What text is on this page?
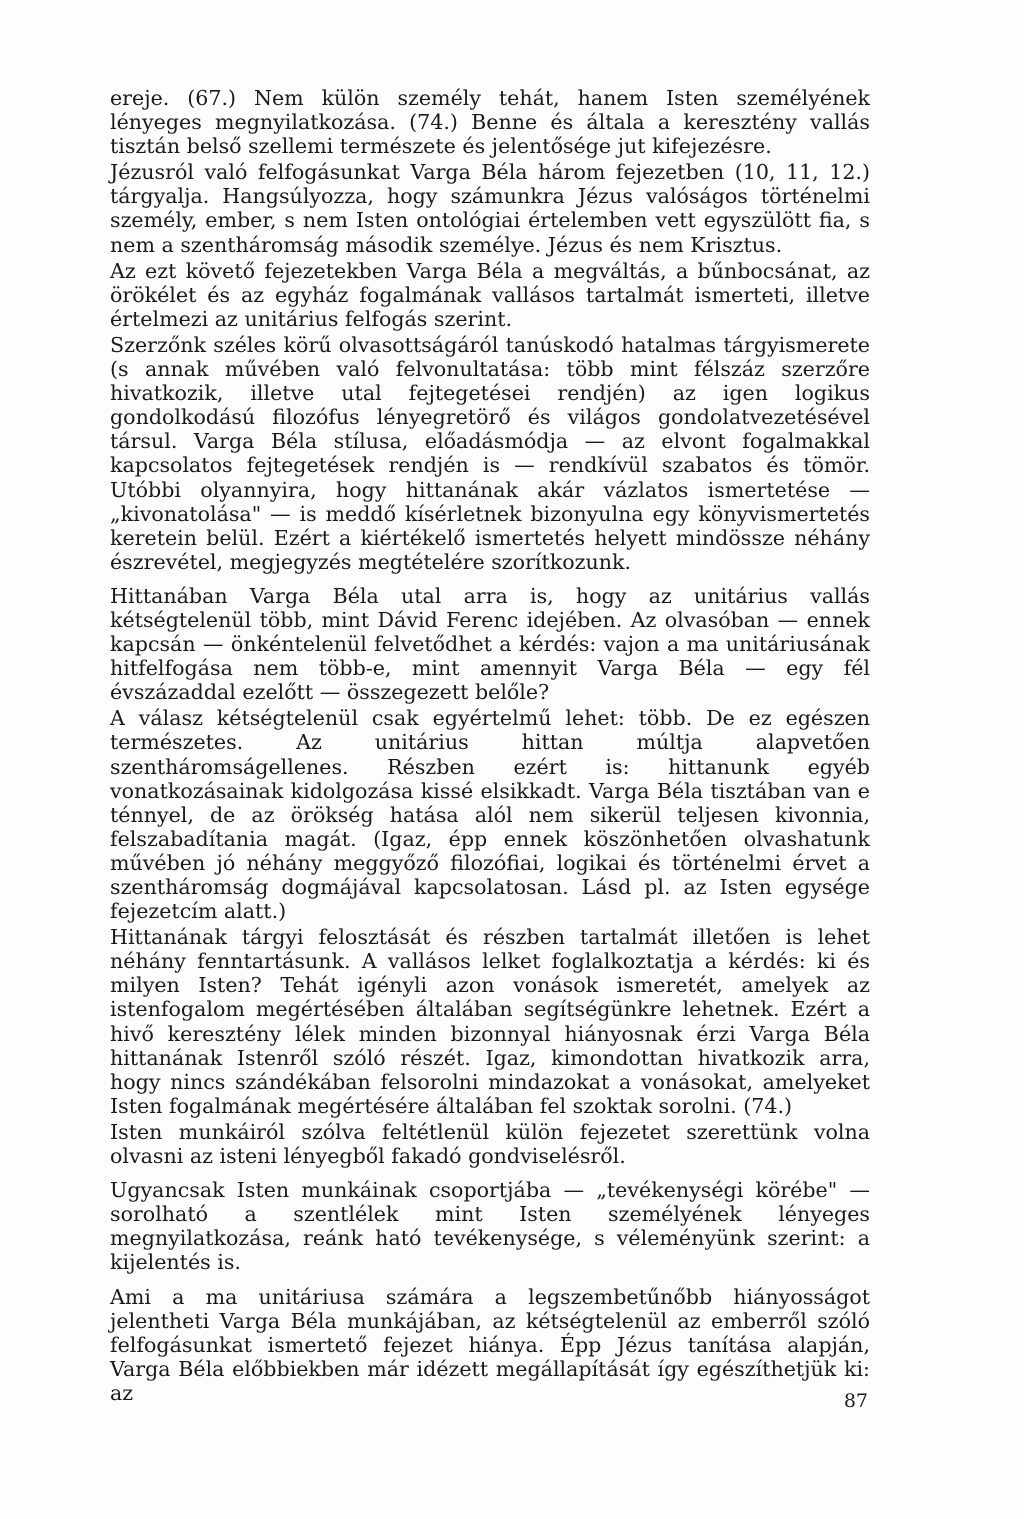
ereje. (67.) Nem külön személy tehát, hanem Isten személyének lényeges megnyilatkozása. (74.) Benne és általa a keresztény vallás tisztán belső szellemi természete és jelentősége jut kifejezésre.

Jézusról való felfogásunkat Varga Béla három fejezetben (10, 11, 12.) tárgyalja. Hangsúlyozza, hogy számunkra Jézus valóságos történelmi személy, ember, s nem Isten ontológiai értelemben vett egyszülött fia, s nem a szentháromság második személye. Jézus és nem Krisztus.

Az ezt követő fejezetekben Varga Béla a megváltás, a bűnbocsánat, az örökélet és az egyház fogalmának vallásos tartalmát ismerteti, illetve értelmezi az unitárius felfogás szerint.

Szerzőnk széles körű olvasottságáról tanúskodó hatalmas tárgyismerete (s annak művében való felvonultatása: több mint félszáz szerzőre hivatkozik, illetve utal fejtegetései rendjén) az igen logikus gondolkodású filozófus lényegretörő és világos gondolatvezetésével társul. Varga Béla stílusa, előadásmódja — az elvont fogalmakkal kapcsolatos fejtegetések rendjén is — rendkívül szabatos és tömör. Utóbbi olyannyira, hogy hittanának akár vázlatos ismertetése — „kivonatolása" — is meddő kísérletnek bizonyulna egy könyvismertetés keretein belül. Ezért a kiértékelő ismertetés helyett mindössze néhány észrevétel, megjegyzés megtételére szorítkozunk.

Hittanában Varga Béla utal arra is, hogy az unitárius vallás kétségtelenül több, mint Dávid Ferenc idejében. Az olvasóban — ennek kapcsán — önkéntelenül felvetődhet a kérdés: vajon a ma unitáriusának hitfelfogása nem több-e, mint amennyit Varga Béla — egy fél évszázaddal ezelőtt — összegezett belőle?

A válasz kétségtelenül csak egyértelmű lehet: több. De ez egészen természetes. Az unitárius hittan múltja alapvetően szentháromságellenes. Részben ezért is: hittanunk egyéb vonatkozásainak kidolgozása kissé elsikkadt. Varga Béla tisztában van e ténnyel, de az örökség hatása alól nem sikerül teljesen kivonnia, felszabadítania magát. (Igaz, épp ennek köszönhetően olvashatunk művében jó néhány meggyőző filozófiai, logikai és történelmi érvet a szentháromság dogmájával kapcsolatosan. Lásd pl. az Isten egysége fejezetcím alatt.)

Hittanának tárgyi felosztását és részben tartalmát illetően is lehet néhány fenntartásunk. A vallásos lelket foglalkoztatja a kérdés: ki és milyen Isten? Tehát igényli azon vonások ismeretét, amelyek az istenfogalom megértésében általában segítségünkre lehetnek. Ezért a hivő keresztény lélek minden bizonnyal hiányosnak érzi Varga Béla hittanának Istenről szóló részét. Igaz, kimondottan hivatkozik arra, hogy nincs szándékában felsorolni mindazokat a vonásokat, amelyeket Isten fogalmának megértésére általában fel szoktak sorolni. (74.)

Isten munkáiról szólva feltétlenül külön fejezetet szerettünk volna olvasni az isteni lényegből fakadó gondviselésről.

Ugyancsak Isten munkáinak csoportjába — „tevékenységi körébe" — sorolható a szentlélek mint Isten személyének lényeges megnyilatkozása, reánk ható tevékenysége, s véleményünk szerint: a kijelentés is.

Ami a ma unitáriusa számára a legszembetűnőbb hiányosságot jelentheti Varga Béla munkájában, az kétségtelenül az emberről szóló felfogásunkat ismertető fejezet hiánya. Épp Jézus tanítása alapján, Varga Béla előbbiekben már idézett megállapítását így egészíthetjük ki: az	87
